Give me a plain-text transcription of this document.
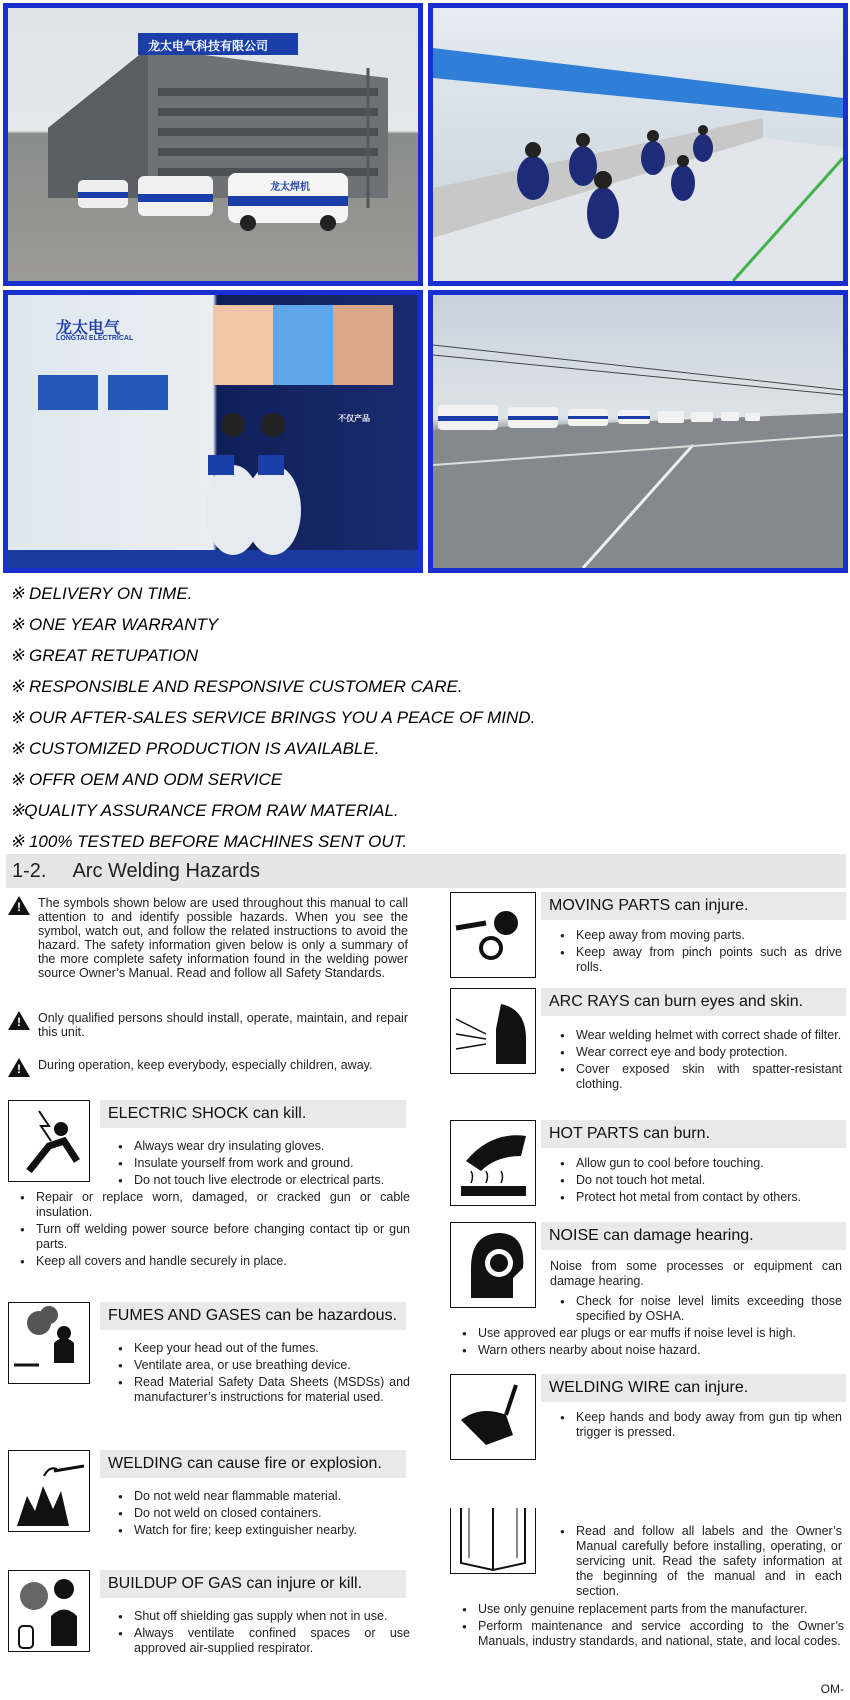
龙太电气科技有限公司
龙太焊机
龙太电气
LONGTAI ELECTRICAL
不仅产品
※ DELIVERY ON TIME.
※ ONE YEAR WARRANTY
※ GREAT RETUPATION
※ RESPONSIBLE AND RESPONSIVE CUSTOMER CARE.
※ OUR AFTER-SALES SERVICE BRINGS YOU A PEACE OF MIND.
※ CUSTOMIZED PRODUCTION IS AVAILABLE.
※ OFFR OEM AND ODM SERVICE
※QUALITY ASSURANCE FROM RAW MATERIAL.
※ 100% TESTED BEFORE MACHINES SENT OUT.
1-2. Arc Welding Hazards
!

The symbols shown below are used throughout this manual to call attention to and identify possible hazards. When you see the symbol, watch out, and follow the related instructions to avoid the hazard. The safety information given below is only a summary of the more complete safety information found in the welding power source Owner’s Manual. Read and follow all Safety Standards.

!

Only qualified persons should install, operate, maintain, and repair this unit.

!

During operation, keep everybody, especially children, away.

ELECTRIC SHOCK can kill.
● Always wear dry insulating gloves.
● Insulate yourself from work and ground.
● Do not touch live electrode or electrical parts.
● Repair or replace worn, damaged, or cracked gun or cable insulation.
● Turn off welding power source before changing contact tip or gun parts.
● Keep all covers and handle securely in place.
FUMES AND GASES can be hazardous.
● Keep your head out of the fumes.
● Ventilate area, or use breathing device.
● Read Material Safety Data Sheets (MSDSs) and manufacturer’s instructions for material used.
WELDING can cause fire or explosion.
● Do not weld near flammable material.
● Do not weld on closed containers.
● Watch for fire; keep extinguisher nearby.
BUILDUP OF GAS can injure or kill.
● Shut off shielding gas supply when not in use.
● Always ventilate confined spaces or use approved air-supplied respirator.
MOVING PARTS can injure.
● Keep away from moving parts.
● Keep away from pinch points such as drive rolls.
ARC RAYS can burn eyes and skin.
● Wear welding helmet with correct shade of filter.
● Wear correct eye and body protection.
● Cover exposed skin with spatter-resistant clothing.
HOT PARTS can burn.
● Allow gun to cool before touching.
● Do not touch hot metal.
● Protect hot metal from contact by others.
NOISE can damage hearing.
Noise from some processes or equipment can damage hearing.
● Check for noise level limits exceeding those specified by OSHA.
● Use approved ear plugs or ear muffs if noise level is high.
● Warn others nearby about noise hazard.
WELDING WIRE can injure.
● Keep hands and body away from gun tip when trigger is pressed.
● Read and follow all labels and the Owner’s Manual carefully before installing, operating, or servicing unit. Read the safety information at the beginning of the manual and in each section.
● Use only genuine replacement parts from the manufacturer.
● Perform maintenance and service according to the Owner’s Manuals, industry standards, and national, state, and local codes.
OM-
